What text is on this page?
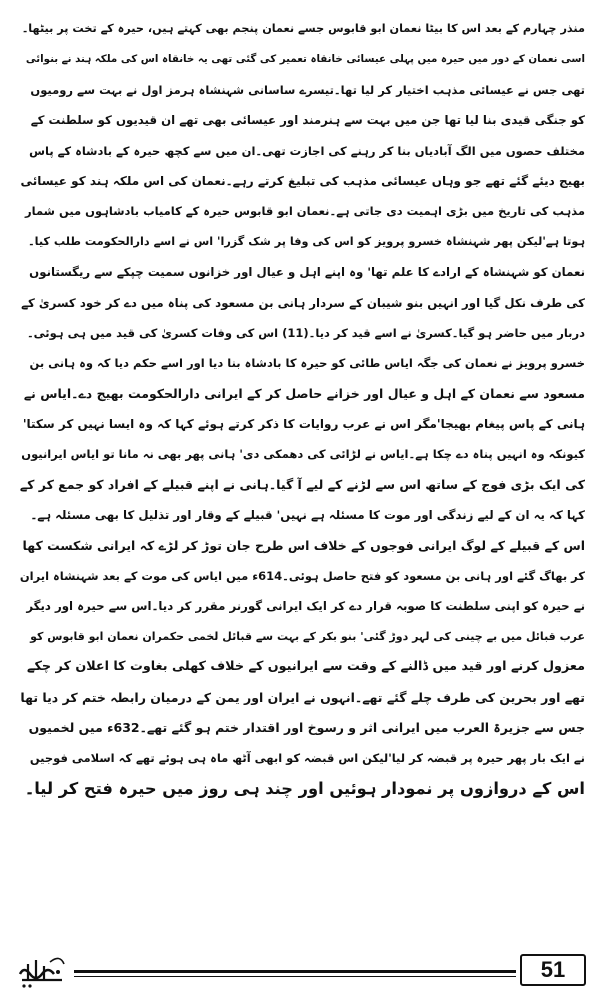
منذر چہارم کے بعد اس کا بیٹا نعمان ابو قابوس جسے نعمان پنجم بھی کہتے ہیں، حیرہ کے تخت پر بیٹھا۔
اسی نعمان کے دور میں حیرہ میں پہلی عیسائی خانقاہ تعمیر کی گئی تھی یہ خانقاہ اس کی ملکہ ہند نے بنوائی
تھی جس نے عیسائی مذہب اختیار کر لیا تھا۔تیسرے ساسانی شہنشاہ ہرمز اول نے بہت سے رومیوں
کو جنگی قیدی بنا لیا تھا جن میں بہت سے ہنرمند اور عیسائی بھی تھے ان قیدیوں کو سلطنت کے
مختلف حصوں میں الگ آبادیاں بنا کر رہنے کی اجازت تھی۔ان میں سے کچھ حیرہ کے بادشاہ کے پاس
بھیج دیئے گئے تھے جو وہاں عیسائی مذہب کی تبلیغ کرتے رہے۔نعمان کی اس ملکہ ہند کو عیسائی
مذہب کی تاریخ میں بڑی اہمیت دی جاتی ہے۔نعمان ابو قابوس حیرہ کے کامیاب بادشاہوں میں شمار
ہوتا ہے'لیکن پھر شہنشاہ خسرو پرویز کو اس کی وفا پر شک گزرا' اس نے اسے دارالحکومت طلب کیا۔
نعمان کو شہنشاہ کے ارادے کا علم تھا' وہ اپنے اہل و عیال اور خزانوں سمیت چپکے سے ریگستانوں
کی طرف نکل گیا اور انہیں بنو شیبان کے سردار ہانی بن مسعود کی پناہ میں دے کر خود کسریٰ کے
دربار میں حاضر ہو گیا۔کسریٰ نے اسے قید کر دیا۔(11) اس کی وفات کسریٰ کی قید میں ہی ہوئی۔
خسرو پرویز نے نعمان کی جگہ ایاس طائی کو حیرہ کا بادشاہ بنا دیا اور اسے حکم دیا کہ وہ ہانی بن
مسعود سے نعمان کے اہل و عیال اور خزانے حاصل کر کے ایرانی دارالحکومت بھیج دے۔ایاس نے
ہانی کے پاس پیغام بھیجا'مگر اس نے عرب روایات کا ذکر کرتے ہوئے کہا کہ وہ ایسا نہیں کر سکتا'
کیونکہ وہ انہیں پناہ دے چکا ہے۔ایاس نے لڑائی کی دھمکی دی' ہانی پھر بھی نہ مانا تو ایاس ایرانیوں
کی ایک بڑی فوج کے ساتھ اس سے لڑنے کے لیے آ گیا۔ہانی نے اپنے قبیلے کے افراد کو جمع کر کے
کہا کہ یہ ان کے لیے زندگی اور موت کا مسئلہ ہے نہیں' قبیلے کے وقار اور تذلیل کا بھی مسئلہ ہے۔
اس کے قبیلے کے لوگ ایرانی فوجوں کے خلاف اس طرح جان توڑ کر لڑے کہ ایرانی شکست کھا
کر بھاگ گئے اور ہانی بن مسعود کو فتح حاصل ہوئی۔614ء میں ایاس کی موت کے بعد شہنشاہ ایران
نے حیرہ کو اپنی سلطنت کا صوبہ قرار دے کر ایک ایرانی گورنر مقرر کر دیا۔اس سے حیرہ اور دیگر
عرب قبائل میں بے چینی کی لہر دوڑ گئی' بنو بکر کے بہت سے قبائل لخمی حکمران نعمان ابو قابوس کو
معزول کرنے اور قید میں ڈالنے کے وقت سے ایرانیوں کے خلاف کھلی بغاوت کا اعلان کر چکے
تھے اور بحرین کی طرف چلے گئے تھے۔انہوں نے ایران اور یمن کے درمیان رابطہ ختم کر دیا تھا
جس سے جزیرۃ العرب میں ایرانی اثر و رسوخ اور اقتدار ختم ہو گئے تھے۔632ء میں لخمیوں
نے ایک بار پھر حیرہ پر قبضہ کر لیا'لیکن اس قبضہ کو ابھی آٹھ ماہ ہی ہوئے تھے کہ اسلامی فوجیں
اس کے دروازوں پر نمودار ہوئیں اور چند ہی روز میں حیرہ فتح کر لیا۔
51
